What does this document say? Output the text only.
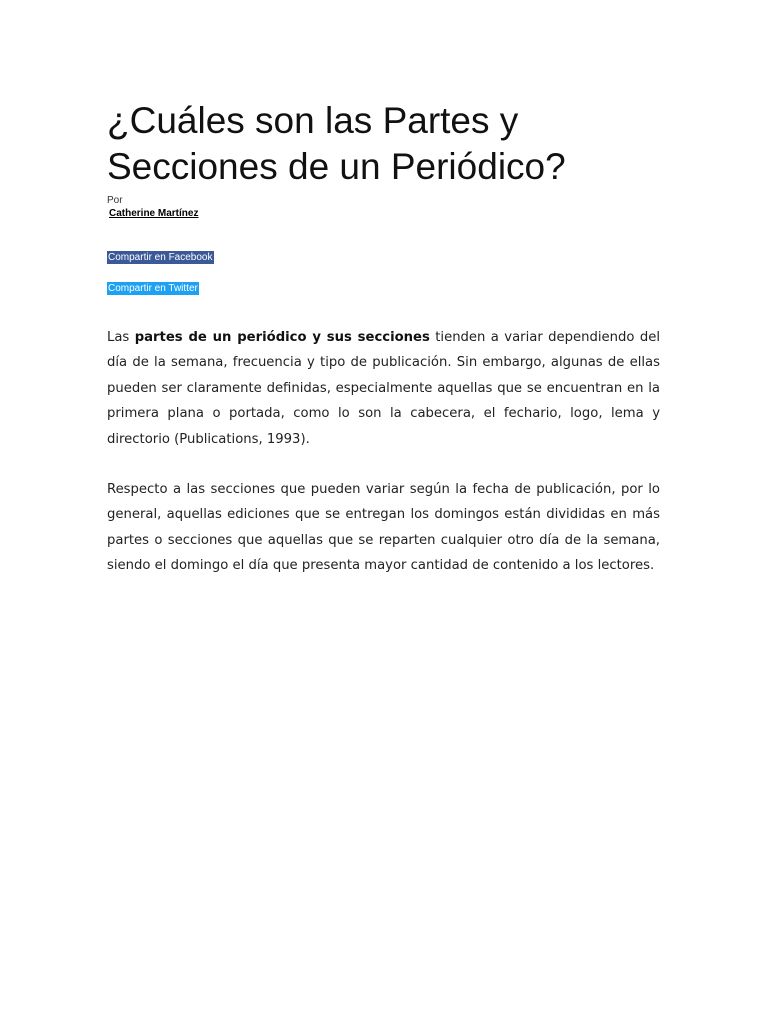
¿Cuáles son las Partes y Secciones de un Periódico?
Por
Catherine Martínez
Compartir en Facebook
Compartir en Twitter

Las partes de un periódico y sus secciones tienden a variar dependiendo del día de la semana, frecuencia y tipo de publicación. Sin embargo, algunas de ellas pueden ser claramente definidas, especialmente aquellas que se encuentran en la primera plana o portada, como lo son la cabecera, el fechario, logo, lema y directorio (Publications, 1993).

Respecto a las secciones que pueden variar según la fecha de publicación, por lo general, aquellas ediciones que se entregan los domingos están divididas en más partes o secciones que aquellas que se reparten cualquier otro día de la semana, siendo el domingo el día que presenta mayor cantidad de contenido a los lectores.
